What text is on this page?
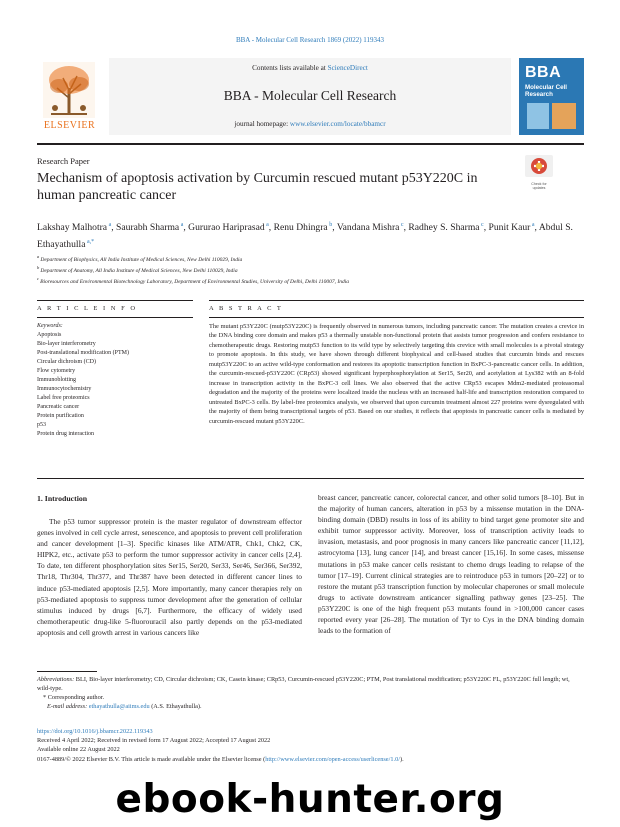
BBA - Molecular Cell Research 1869 (2022) 119343
ELSEVIER
Contents lists available at ScienceDirect
BBA - Molecular Cell Research
journal homepage: www.elsevier.com/locate/bbamcr
BBA
Molecular Cell Research
Research Paper
Mechanism of apoptosis activation by Curcumin rescued mutant p53Y220C in human pancreatic cancer
Check for updates
Lakshay Malhotra $^a$, Saurabh Sharma $^a$, Gururao Hariprasad $^a$, Renu Dhingra $^b$, Vandana Mishra $^c$, Radhey S. Sharma $^c$, Punit Kaur $^a$, Abdul S. Ethayathulla $^{a,*}$
$^a$ Department of Biophysics, All India Institute of Medical Sciences, New Delhi 110029, India
$^b$ Department of Anatomy, All India Institute of Medical Sciences, New Delhi 110029, India
$^c$ Bioresources and Environmental Biotechnology Laboratory, Department of Environmental Studies, University of Delhi, Delhi 110007, India
A R T I C L E I N F O	A B S T R A C T
Keywords:
Apoptosis
Bio-layer interferometry
Post-translational modification (PTM)
Circular dichroism (CD)
Flow cytometry
Immunoblotting
Immunocytochemistry
Label free proteomics
Pancreatic cancer
Protein purification
p53
Protein drug interaction
The mutant p53Y220C (mutp53Y220C) is frequently observed in numerous tumors, including pancreatic cancer. The mutation creates a crevice in the DNA binding core domain and makes p53 a thermally unstable non-functional protein that assists tumor progression and confers resistance to chemotherapeutic drugs. Restoring mutp53 function to its wild type by selectively targeting this crevice with small molecules is a pivotal strategy to promote apoptosis. In this study, we have shown through different biophysical and cell-based studies that curcumin binds and rescues mutp53Y220C to an active wild-type conformation and restores its apoptotic transcription function in BxPC-3-pancreatic cancer cells. In addition, the curcumin-rescued-p53Y220C (CRp53) showed significant hyperphosphorylation at Ser15, Ser20, and acetylation at Lys382 with an 8-fold increase in transcription activity in the BxPC-3 cell lines. We also observed that the active CRp53 escapes Mdm2-mediated proteasomal degradation and the majority of the proteins were localized inside the nucleus with an increased half-life and transcription restoration compared to untreated BxPC-3 cells. By label-free proteomics analysis, we observed that upon curcumin treatment almost 227 proteins were dysregulated with the majority of them being transcriptional targets of p53. Based on our studies, it reflects that apoptosis in pancreatic cancer cells is mediated by curcumin-rescued mutant p53Y220C.
1. Introduction

The p53 tumor suppressor protein is the master regulator of downstream effector genes involved in cell cycle arrest, senescence, and apoptosis to prevent cell proliferation and cancer development [1–3]. Specific kinases like ATM/ATR, Chk1, Chk2, CK, HIPK2, etc., activate p53 to perform the tumor suppressor activity in cancer cells [2,4]. To date, ten different phosphorylation sites Ser15, Ser20, Ser33, Ser46, Ser366, Ser392, Thr18, Thr304, Thr377, and Thr387 have been detected in different cancer lines to induce p53-mediated apoptosis [2,5]. More importantly, many cancer therapies rely on p53-mediated apoptosis to suppress tumor development after the generation of cellular stimulus induced by drugs [6,7]. Furthermore, the efficacy of widely used chemotherapeutic drug-like 5-fluorouracil also partly depends on the p53-mediated apoptosis and cell growth arrest in various cancers like

breast cancer, pancreatic cancer, colorectal cancer, and other solid tumors [8–10]. But in the majority of human cancers, alteration in p53 by a missense mutation in the DNA-binding domain (DBD) results in loss of its ability to bind target gene promoter site and exhibit tumor suppressor activity. Moreover, loss of transcription activity leads to invasion, metastasis, and poor prognosis in many cancers like pancreatic cancer [11,12], astrocytoma [13], lung cancer [14], and breast cancer [15,16]. In some cases, missense mutations in p53 make cancer cells resistant to chemo drugs leading to relapse of the tumor [17–19]. Current clinical strategies are to reintroduce p53 in tumors [20–22] or to restore the mutant p53 transcription function by molecular chaperones or small molecule drugs to activate downstream anticancer signalling pathway genes [23–25]. The p53Y220C is one of the high frequent p53 mutants found in >100,000 cancer cases reported every year [26–28]. The mutation of Tyr to Cys in the DNA binding domain leads to the formation of

Abbreviations: BLI, Bio-layer interferometry; CD, Circular dichroism; CK, Casein kinase; CRp53, Curcumin-rescued p53Y220C; PTM, Post translational modification; p53Y220C FL, p53Y220C full length; wt, wild-type.
* Corresponding author.
E-mail address: ethayathulla@aiims.edu (A.S. Ethayathulla).
https://doi.org/10.1016/j.bbamcr.2022.119343
Received 4 April 2022; Received in revised form 17 August 2022; Accepted 17 August 2022
Available online 22 August 2022
0167-4889/© 2022 Elsevier B.V. This article is made available under the Elsevier license (http://www.elsevier.com/open-access/userlicense/1.0/).
ebook-hunter.org
